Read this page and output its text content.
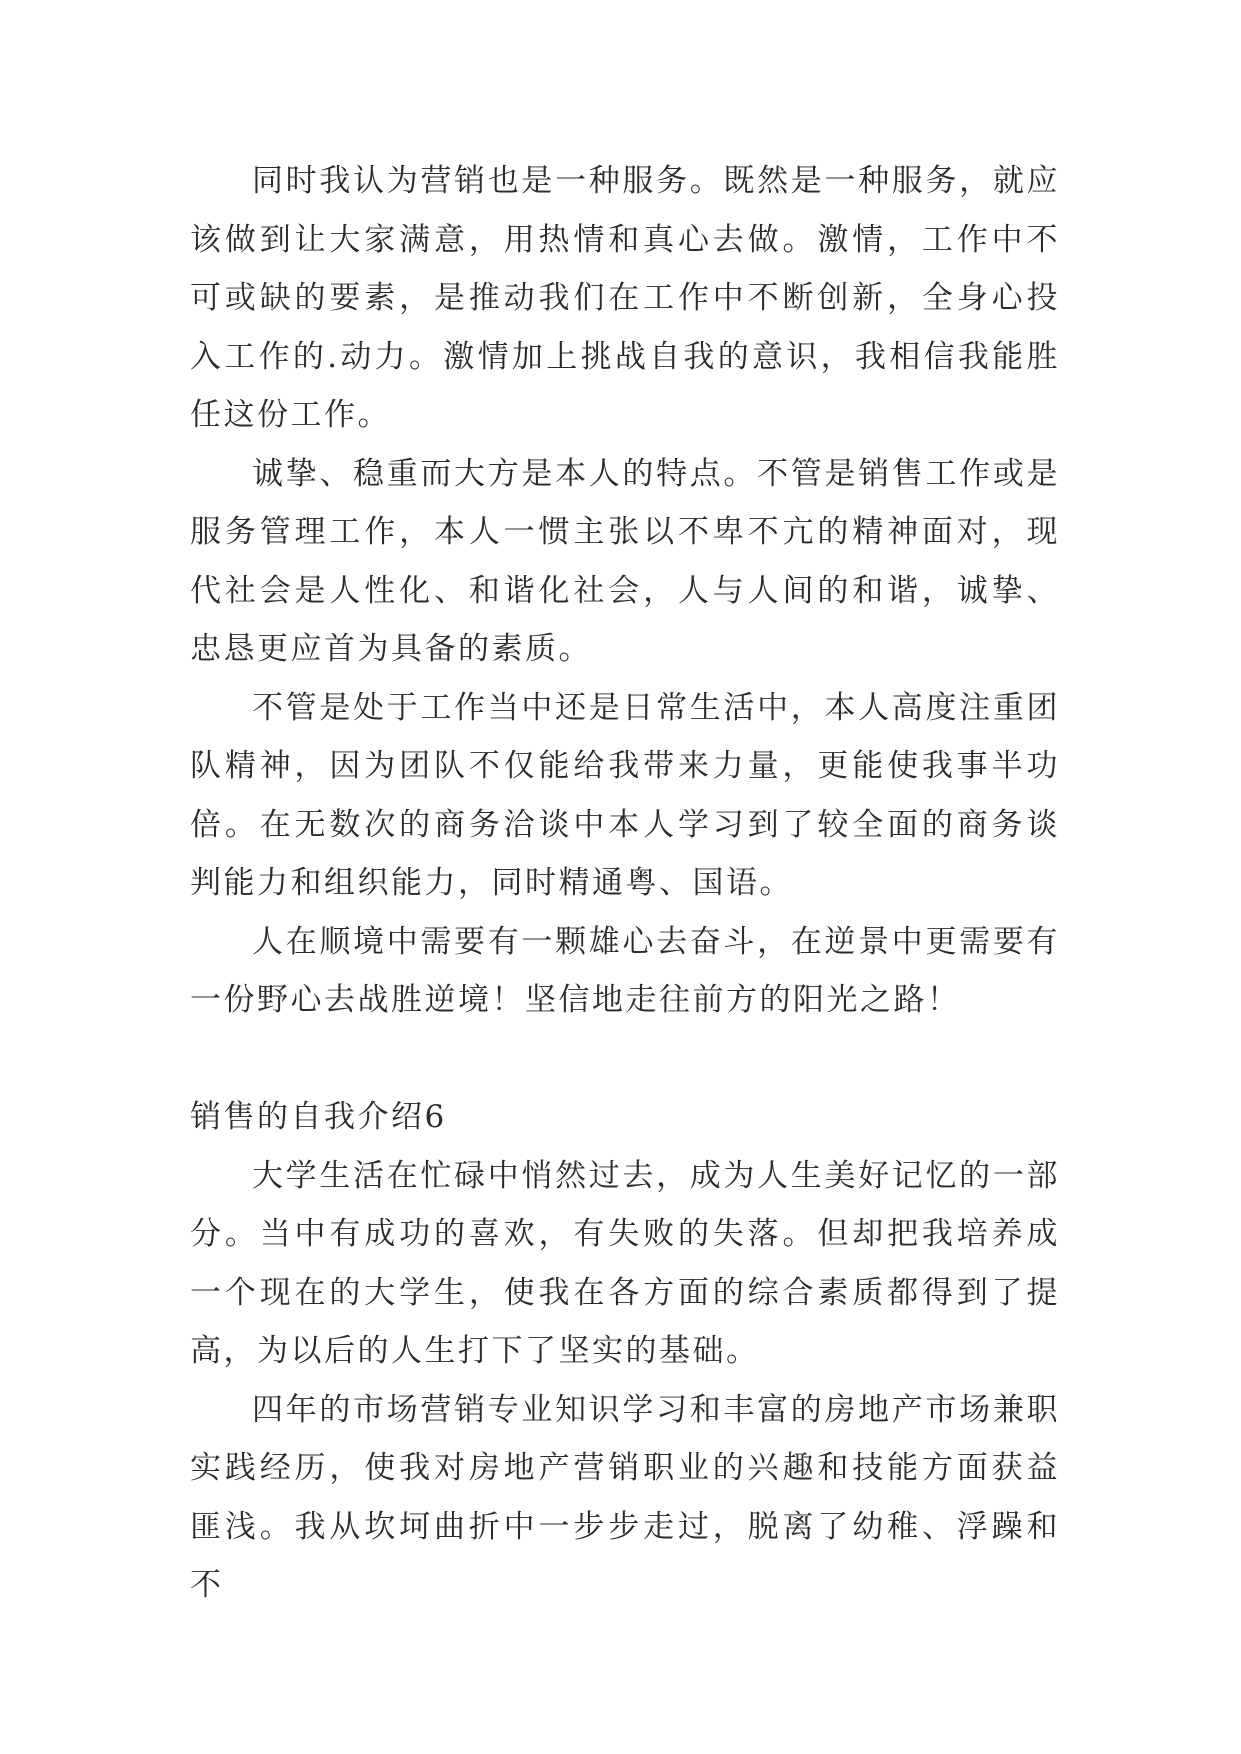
同时我认为营销也是一种服务。既然是一种服务，就应该做到让大家满意，用热情和真心去做。激情，工作中不可或缺的要素，是推动我们在工作中不断创新，全身心投入工作的.动力。激情加上挑战自我的意识，我相信我能胜任这份工作。

诚挚、稳重而大方是本人的特点。不管是销售工作或是服务管理工作，本人一惯主张以不卑不亢的精神面对，现代社会是人性化、和谐化社会，人与人间的和谐，诚挚、忠恳更应首为具备的素质。

不管是处于工作当中还是日常生活中，本人高度注重团队精神，因为团队不仅能给我带来力量，更能使我事半功倍。在无数次的商务洽谈中本人学习到了较全面的商务谈判能力和组织能力，同时精通粤、国语。

人在顺境中需要有一颗雄心去奋斗，在逆景中更需要有一份野心去战胜逆境！坚信地走往前方的阳光之路！

销售的自我介绍6

大学生活在忙碌中悄然过去，成为人生美好记忆的一部分。当中有成功的喜欢，有失败的失落。但却把我培养成一个现在的大学生，使我在各方面的综合素质都得到了提高，为以后的人生打下了坚实的基础。

四年的市场营销专业知识学习和丰富的房地产市场兼职实践经历，使我对房地产营销职业的兴趣和技能方面获益匪浅。我从坎坷曲折中一步步走过，脱离了幼稚、浮躁和不
